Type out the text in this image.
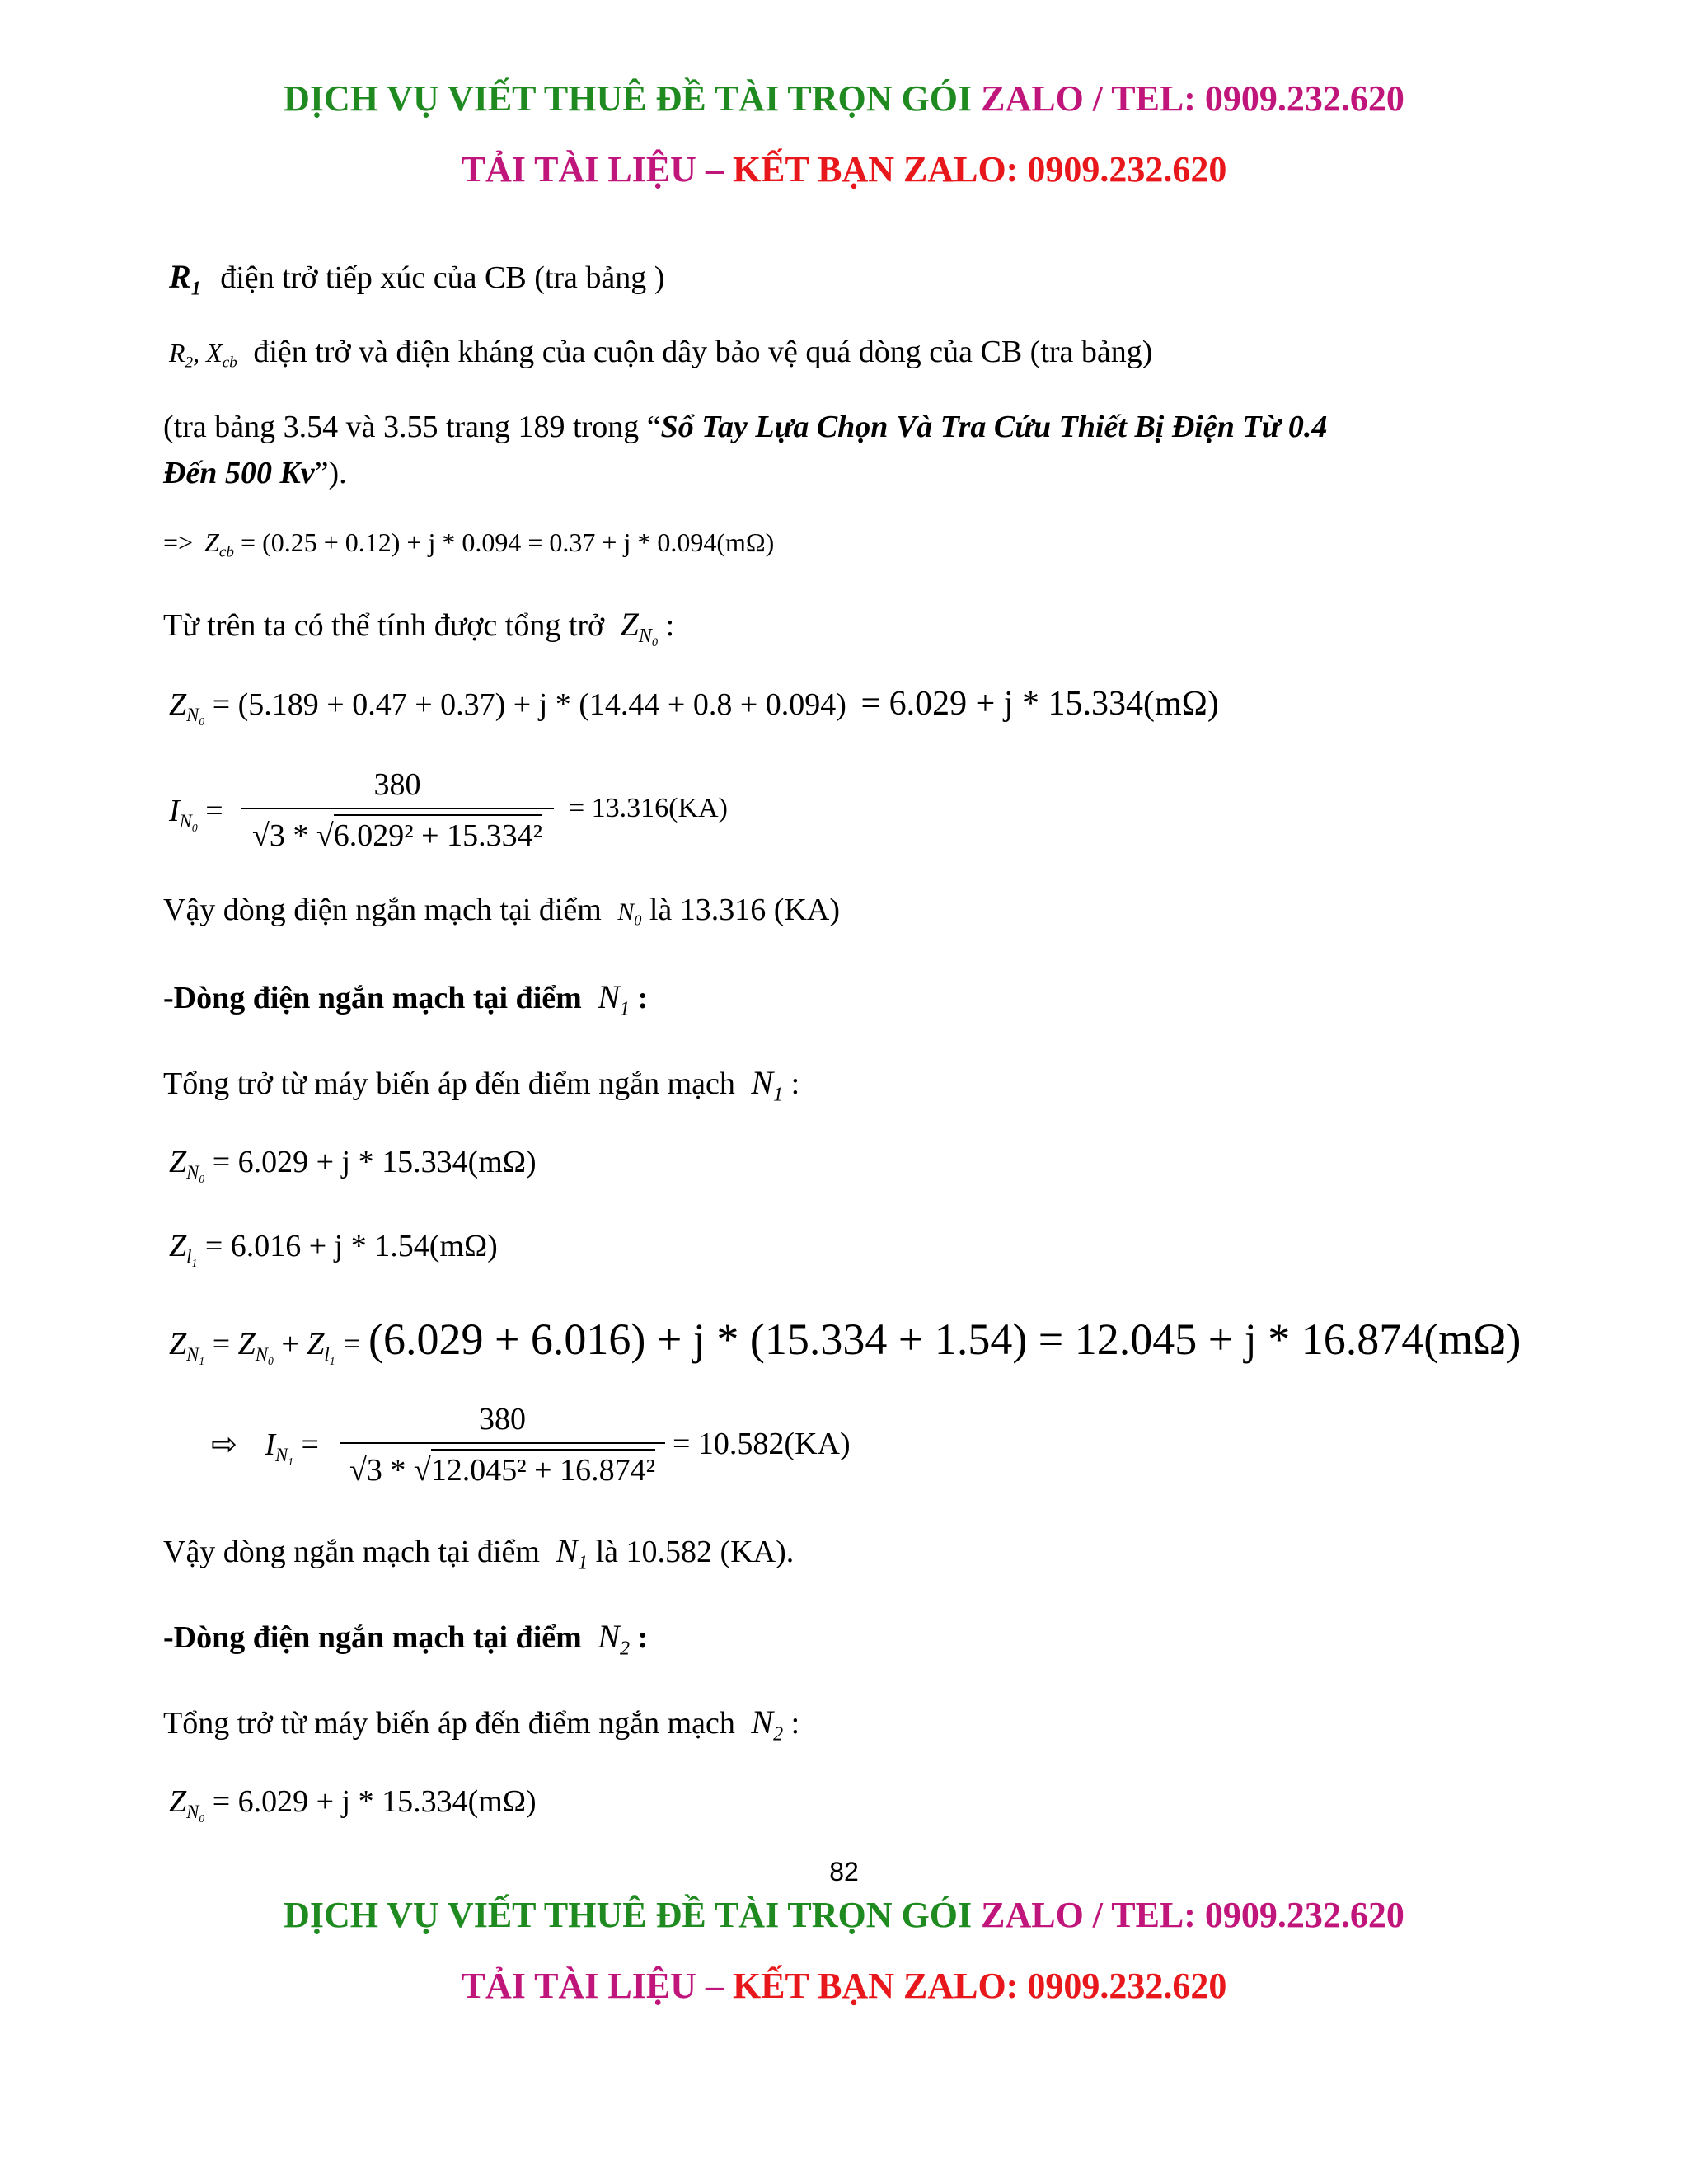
DỊCH VỤ VIẾT THUÊ ĐỀ TÀI TRỌN GÓI ZALO / TEL: 0909.232.620
TẢI TÀI LIỆU – KẾT BẠN ZALO: 0909.232.620
$R_1$ điện trở tiếp xúc của CB (tra bảng )
$R_2$, $X_{cb}$ điện trở và điện kháng của cuộn dây bảo vệ quá dòng của CB (tra bảng)
(tra bảng 3.54 và 3.55 trang 189 trong “Sổ Tay Lựa Chọn Và Tra Cứu Thiết Bị Điện Từ 0.4
Đến 500 Kv”).
=> $Z_{cb} = (0.25 + 0.12) + j * 0.094 = 0.37 + j * 0.094(m\Omega)$
Từ trên ta có thể tính được tổng trở $Z_{N_0}$ :
$Z_{N_0} = (5.189 + 0.47 + 0.37) + j * (14.44 + 0.8 + 0.094) = 6.029 + j * 15.334(m\Omega)$
$I_{N_0} = \frac{380}{\text{√3 * √6.029² + 15.334²}} = 13.316(KA)$
Vậy dòng điện ngắn mạch tại điểm $N_0$ là 13.316 (KA)
-Dòng điện ngắn mạch tại điểm $N_1$ :
Tổng trở từ máy biến áp đến điểm ngắn mạch $N_1$ :
$Z_{N_0} = 6.029 + j * 15.334(m\Omega)$
$Z_{l_1} = 6.016 + j * 1.54(m\Omega)$
$Z_{N_1} = Z_{N_0} + Z_{l_1} = (6.029 + 6.016) + j * (15.334 + 1.54) = 12.045 + j * 16.874(m\Omega)$
⇨ $I_{N_1} = \frac{380}{\text{√3 * √12.045² + 16.874²}} = 10.582(KA)$
Vậy dòng ngắn mạch tại điểm $N_1$ là 10.582 (KA).
-Dòng điện ngắn mạch tại điểm $N_2$ :
Tổng trở từ máy biến áp đến điểm ngắn mạch $N_2$ :
$Z_{N_0} = 6.029 + j * 15.334(m\Omega)$
82
DỊCH VỤ VIẾT THUÊ ĐỀ TÀI TRỌN GÓI ZALO / TEL: 0909.232.620
TẢI TÀI LIỆU – KẾT BẠN ZALO: 0909.232.620
